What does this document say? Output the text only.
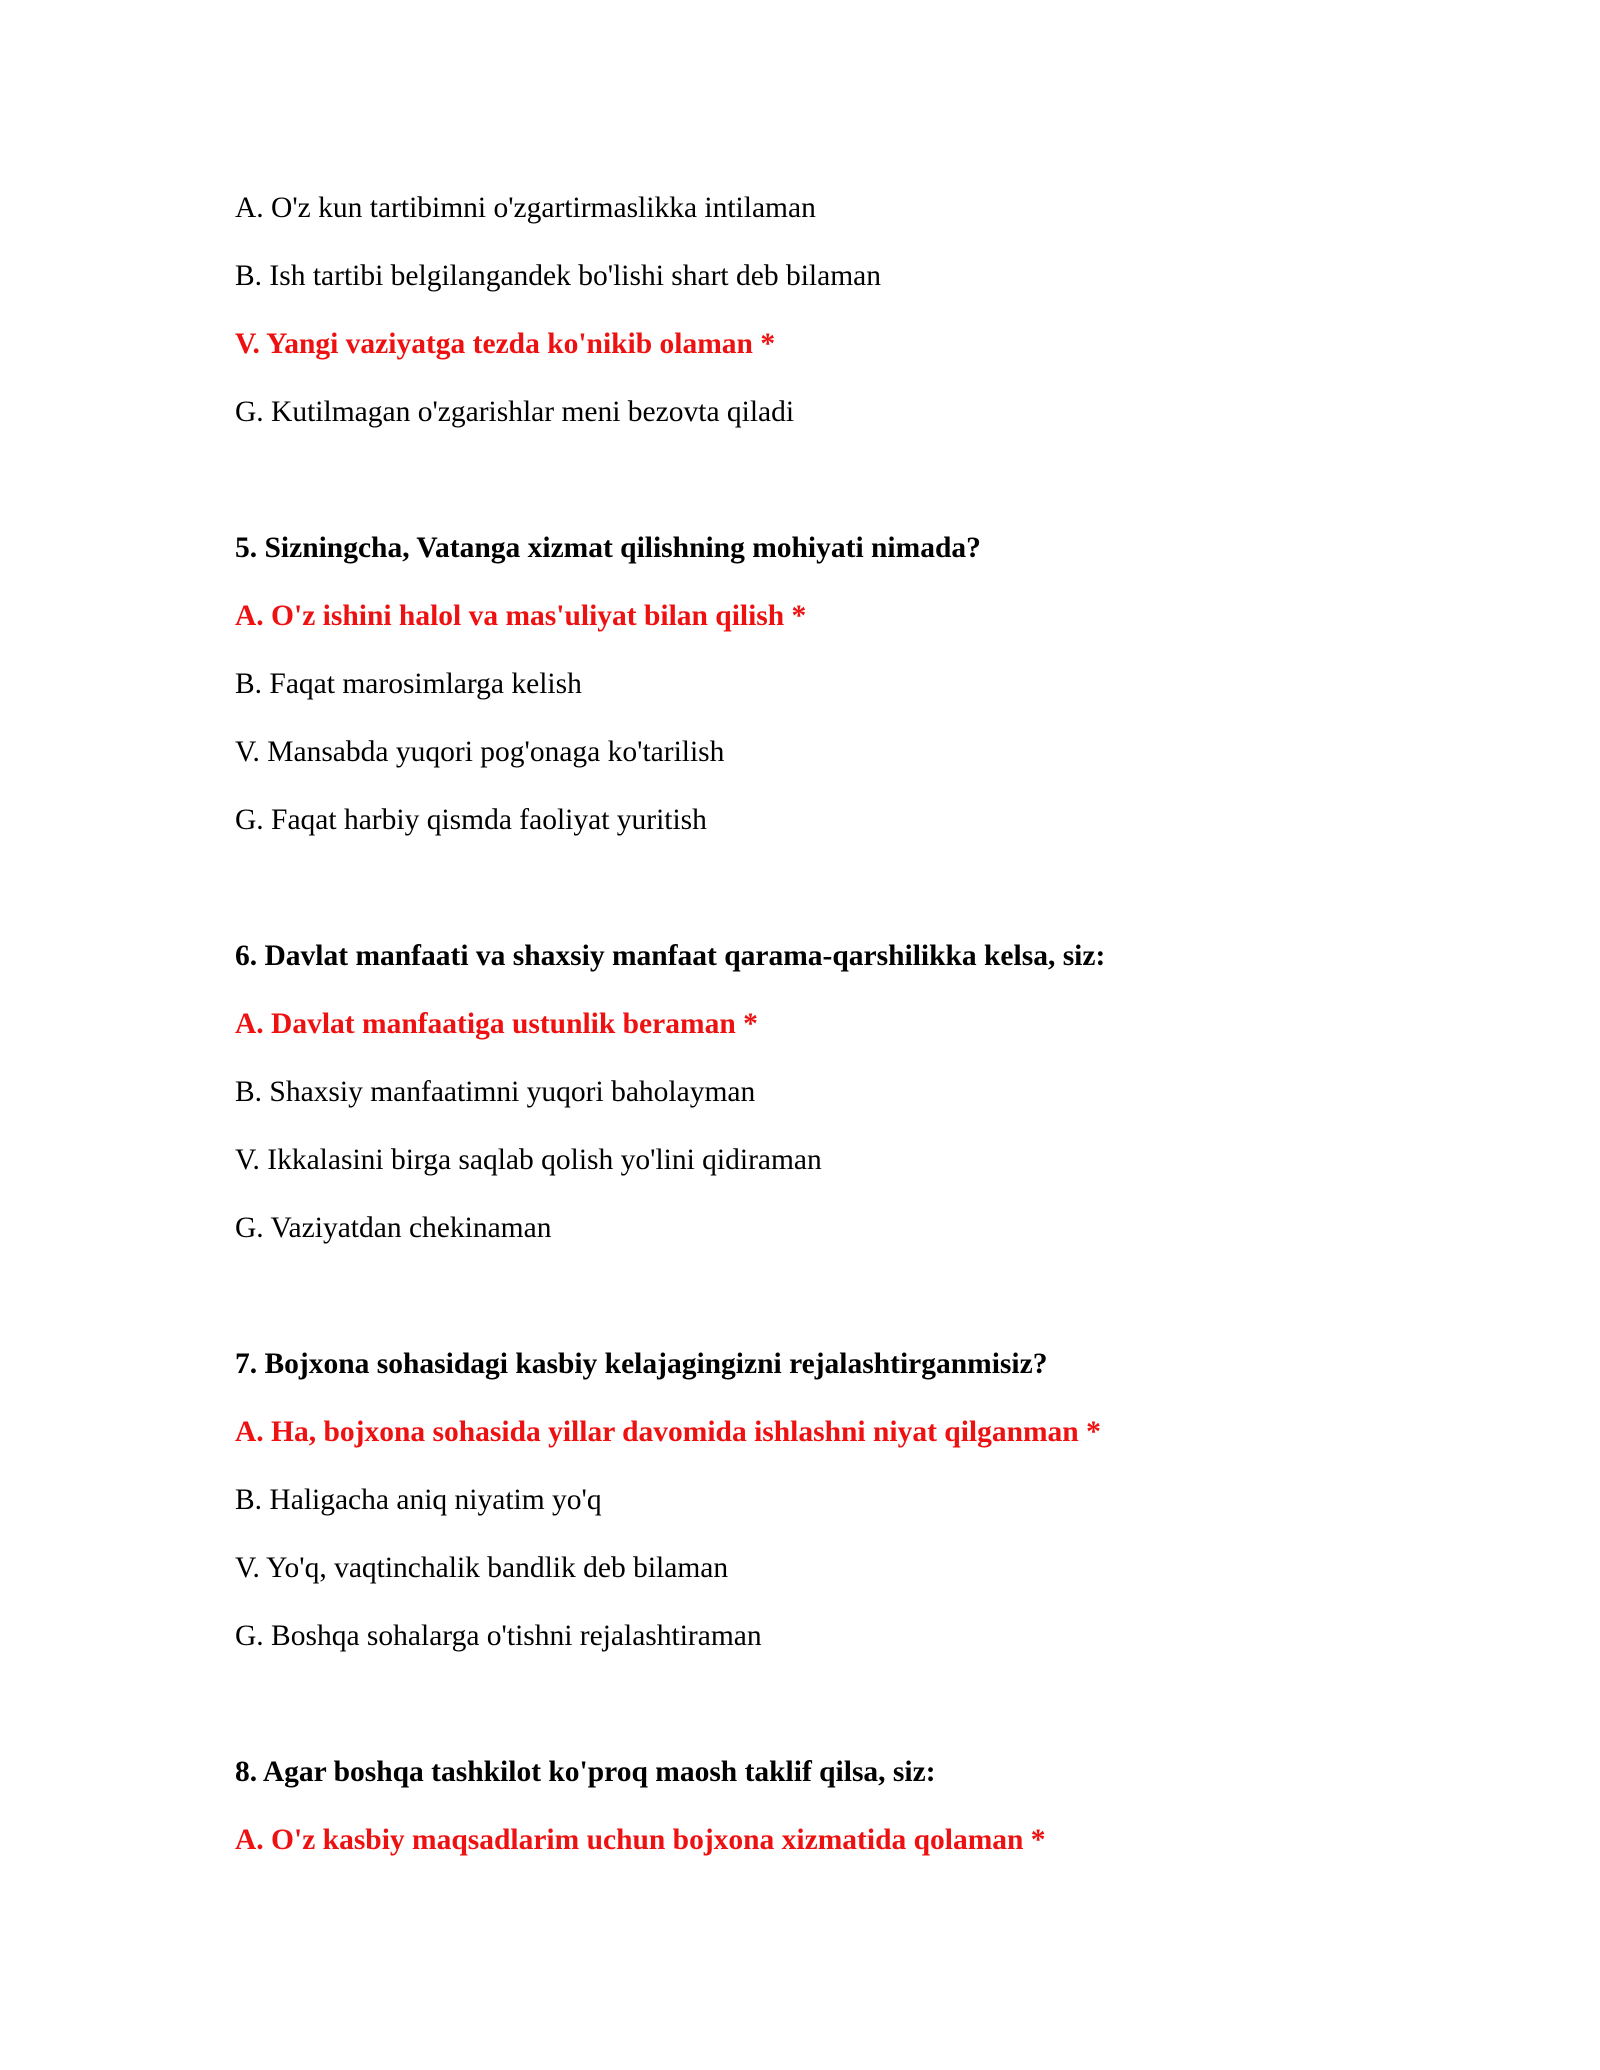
A. O'z kun tartibimni o'zgartirmaslikka intilaman
B. Ish tartibi belgilangandek bo'lishi shart deb bilaman
V. Yangi vaziyatga tezda ko'nikib olaman *
G. Kutilmagan o'zgarishlar meni bezovta qiladi
5. Sizningcha, Vatanga xizmat qilishning mohiyati nimada?
A. O'z ishini halol va mas'uliyat bilan qilish *
B. Faqat marosimlarga kelish
V. Mansabda yuqori pog'onaga ko'tarilish
G. Faqat harbiy qismda faoliyat yuritish
6. Davlat manfaati va shaxsiy manfaat qarama-qarshilikka kelsa, siz:
A. Davlat manfaatiga ustunlik beraman *
B. Shaxsiy manfaatimni yuqori baholayman
V. Ikkalasini birga saqlab qolish yo'lini qidiraman
G. Vaziyatdan chekinaman
7. Bojxona sohasidagi kasbiy kelajagingizni rejalashtirganmisiz?
A. Ha, bojxona sohasida yillar davomida ishlashni niyat qilganman *
B. Haligacha aniq niyatim yo'q
V. Yo'q, vaqtinchalik bandlik deb bilaman
G. Boshqa sohalarga o'tishni rejalashtiraman
8. Agar boshqa tashkilot ko'proq maosh taklif qilsa, siz:
A. O'z kasbiy maqsadlarim uchun bojxona xizmatida qolaman *
